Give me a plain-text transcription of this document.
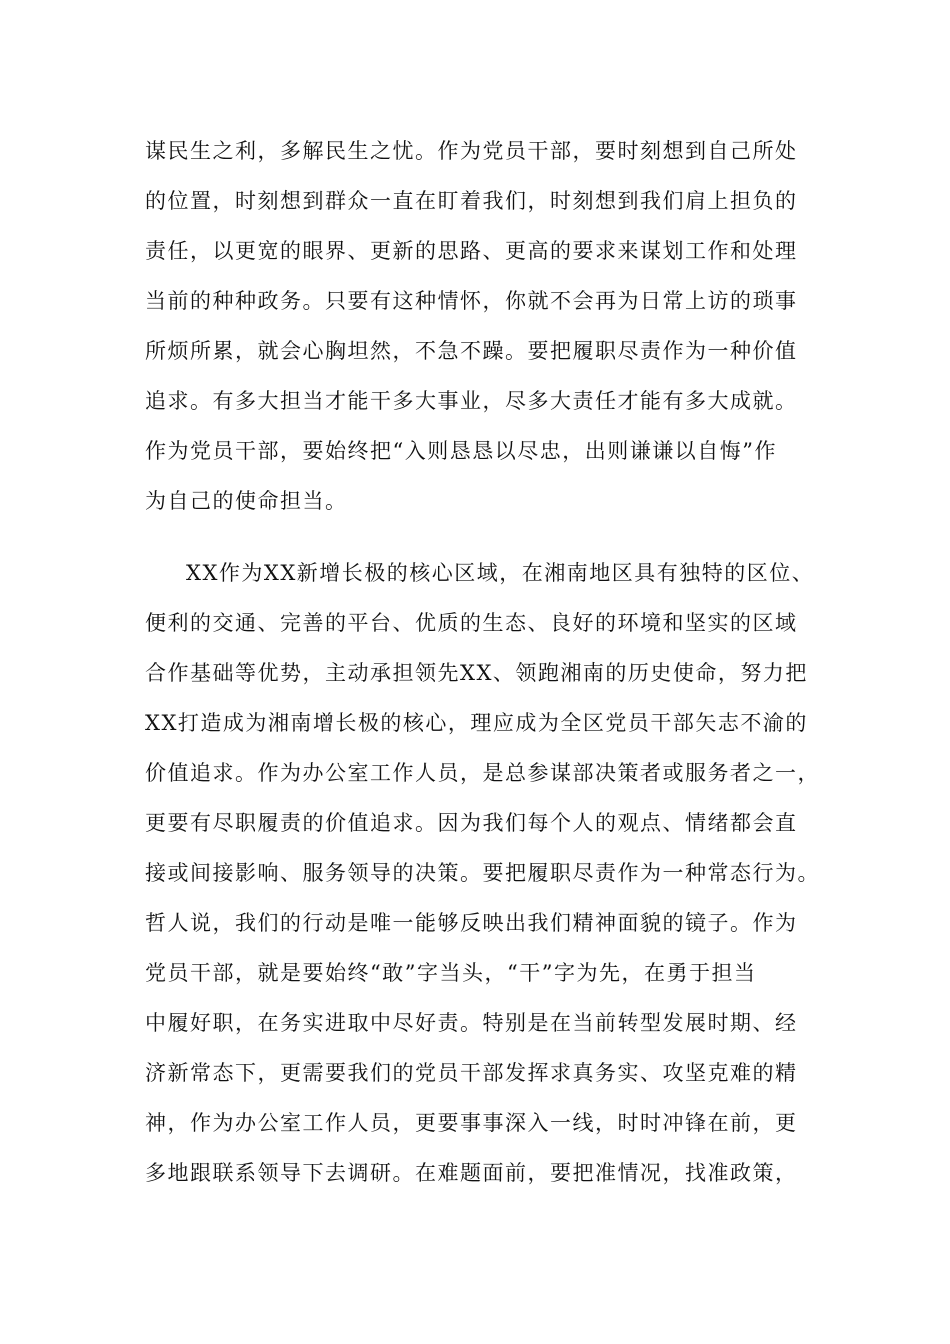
谋民生之利，多解民生之忧。作为党员干部，要时刻想到自己所处
的位置，时刻想到群众一直在盯着我们，时刻想到我们肩上担负的
责任，以更宽的眼界、更新的思路、更高的要求来谋划工作和处理
当前的种种政务。只要有这种情怀，你就不会再为日常上访的琐事
所烦所累，就会心胸坦然，不急不躁。要把履职尽责作为一种价值
追求。有多大担当才能干多大事业，尽多大责任才能有多大成就。
作为党员干部，要始终把“入则恳恳以尽忠，出则谦谦以自悔”作
为自己的使命担当。
XX作为XX新增长极的核心区域，在湘南地区具有独特的区位、
便利的交通、完善的平台、优质的生态、良好的环境和坚实的区域
合作基础等优势，主动承担领先XX、领跑湘南的历史使命，努力把
XX打造成为湘南增长极的核心，理应成为全区党员干部矢志不渝的
价值追求。作为办公室工作人员，是总参谋部决策者或服务者之一，
更要有尽职履责的价值追求。因为我们每个人的观点、情绪都会直
接或间接影响、服务领导的决策。要把履职尽责作为一种常态行为。
哲人说，我们的行动是唯一能够反映出我们精神面貌的镜子。作为
党员干部，就是要始终“敢”字当头，“干”字为先，在勇于担当
中履好职，在务实进取中尽好责。特别是在当前转型发展时期、经
济新常态下，更需要我们的党员干部发挥求真务实、攻坚克难的精
神，作为办公室工作人员，更要事事深入一线，时时冲锋在前，更
多地跟联系领导下去调研。在难题面前，要把准情况，找准政策，
